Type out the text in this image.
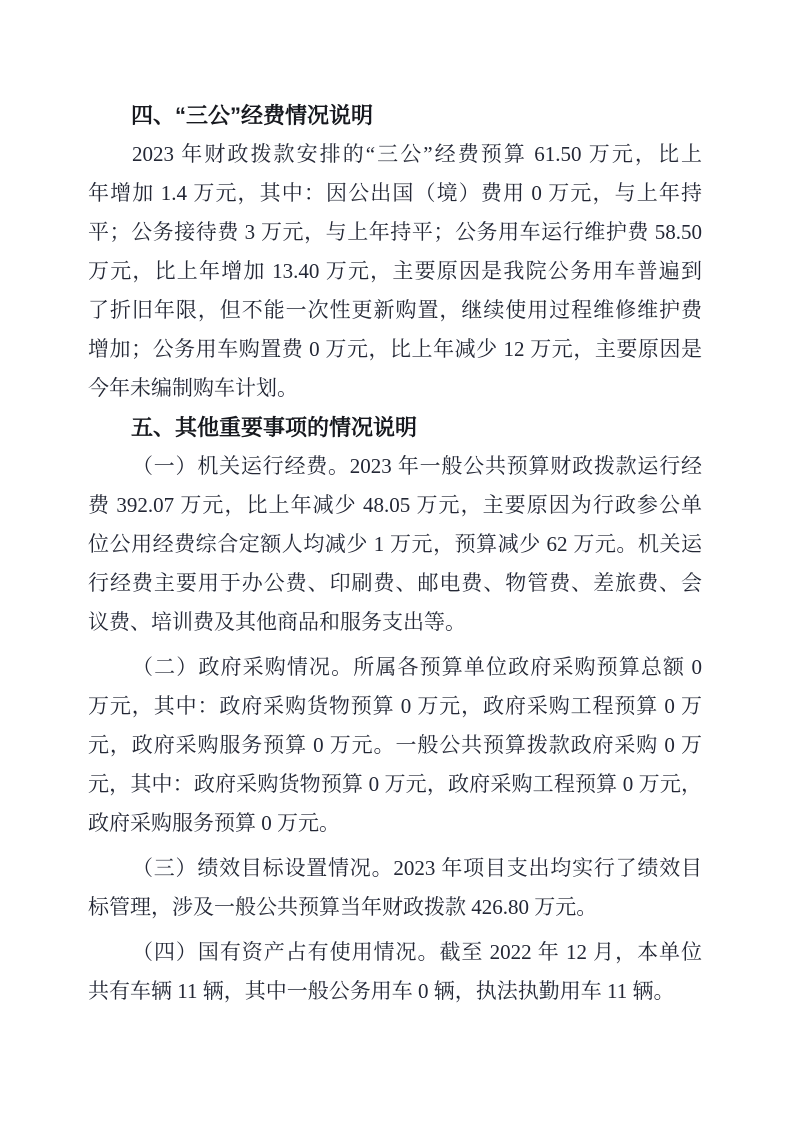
四、“三公”经费情况说明
2023 年财政拨款安排的“三公”经费预算 61.50 万元，比上
年增加 1.4 万元，其中：因公出国（境）费用 0 万元，与上年持
平；公务接待费 3 万元，与上年持平；公务用车运行维护费 58.50
万元，比上年增加 13.40 万元，主要原因是我院公务用车普遍到
了折旧年限，但不能一次性更新购置，继续使用过程维修维护费
增加；公务用车购置费 0 万元，比上年减少 12 万元，主要原因是
今年未编制购车计划。
五、其他重要事项的情况说明
（一）机关运行经费。2023 年一般公共预算财政拨款运行经
费 392.07 万元，比上年减少 48.05 万元，主要原因为行政参公单
位公用经费综合定额人均减少 1 万元，预算减少 62 万元。机关运
行经费主要用于办公费、印刷费、邮电费、物管费、差旅费、会
议费、培训费及其他商品和服务支出等。
（二）政府采购情况。所属各预算单位政府采购预算总额 0
万元，其中：政府采购货物预算 0 万元，政府采购工程预算 0 万
元，政府采购服务预算 0 万元。一般公共预算拨款政府采购 0 万
元，其中：政府采购货物预算 0 万元，政府采购工程预算 0 万元，
政府采购服务预算 0 万元。
（三）绩效目标设置情况。2023 年项目支出均实行了绩效目
标管理，涉及一般公共预算当年财政拨款 426.80 万元。
（四）国有资产占有使用情况。截至 2022 年 12 月，本单位
共有车辆 11 辆，其中一般公务用车 0 辆，执法执勤用车 11 辆。
